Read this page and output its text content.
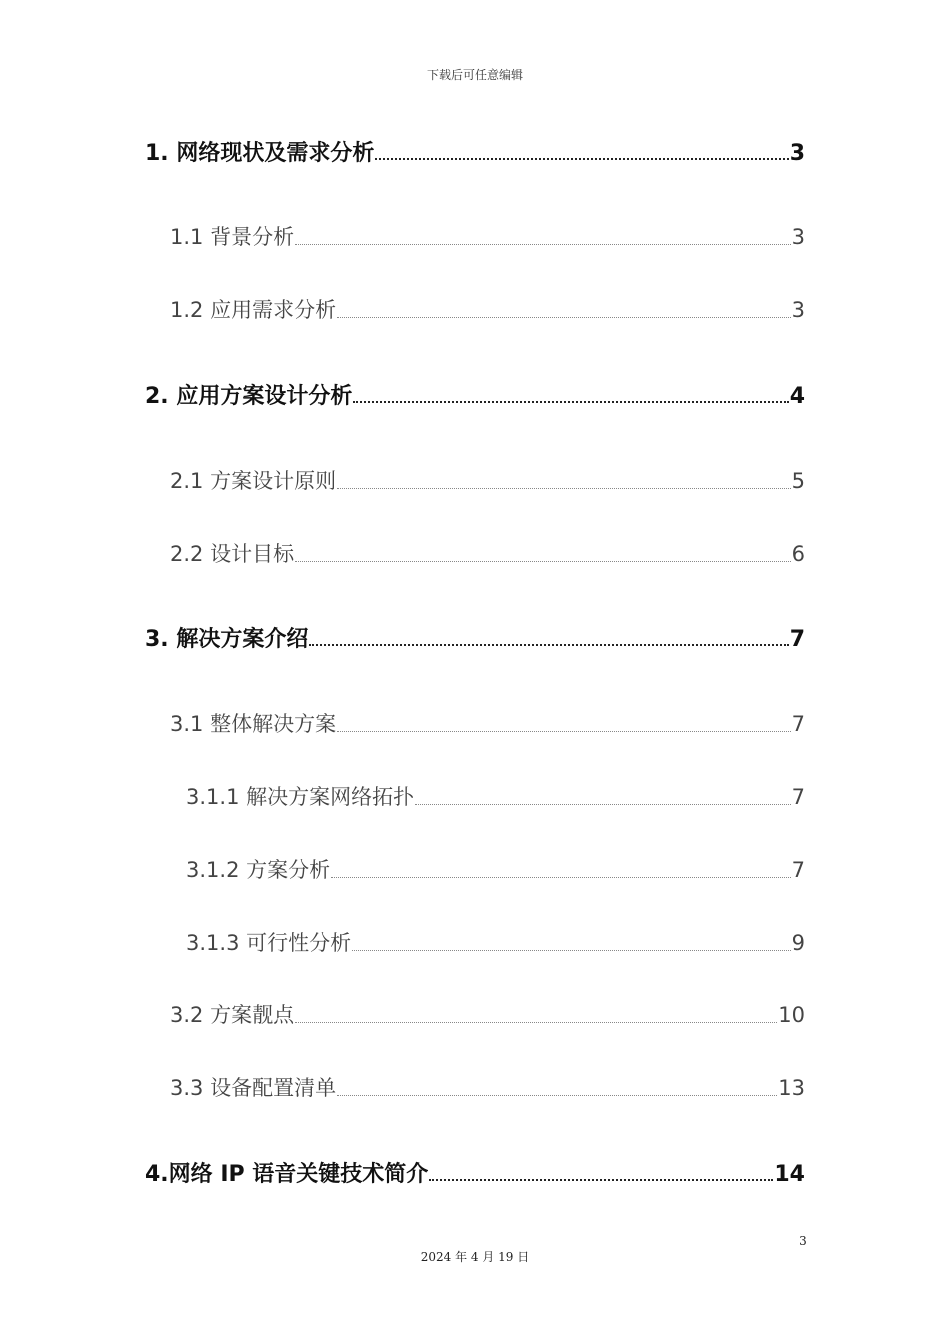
下载后可任意编辑
1. 网络现状及需求分析	3
1.1 背景分析	3
1.2 应用需求分析	3
2. 应用方案设计分析	4
2.1 方案设计原则	5
2.2 设计目标	6
3. 解决方案介绍	7
3.1 整体解决方案	7
3.1.1 解决方案网络拓扑	7
3.1.2 方案分析	7
3.1.3 可行性分析	9
3.2 方案靓点	10
3.3 设备配置清单	13
4.网络 IP 语音关键技术简介	14
3
2024 年 4 月 19 日
